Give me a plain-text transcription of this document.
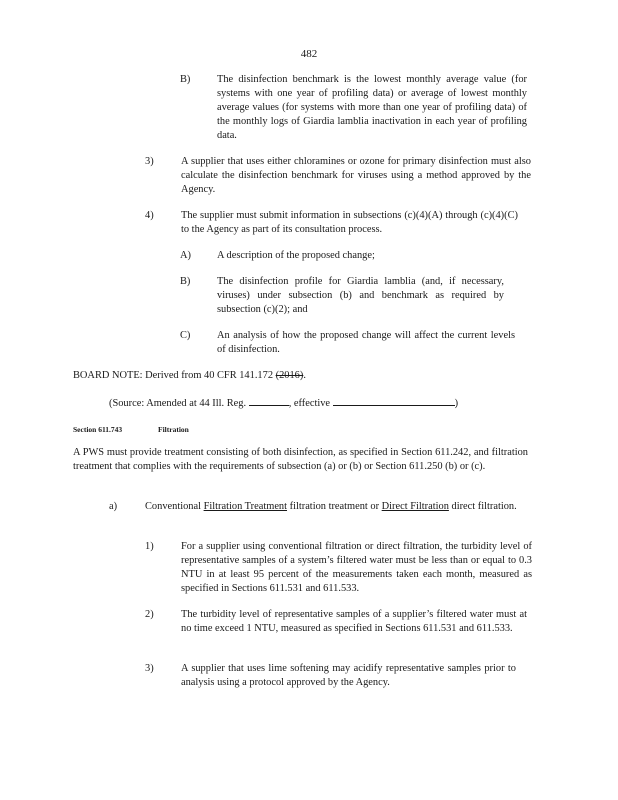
482
B)	The disinfection benchmark is the lowest monthly average value (for systems with one year of profiling data) or average of lowest monthly average values (for systems with more than one year of profiling data) of the monthly logs of Giardia lamblia inactivation in each year of profiling data.
3)	A supplier that uses either chloramines or ozone for primary disinfection must also calculate the disinfection benchmark for viruses using a method approved by the Agency.
4)	The supplier must submit information in subsections (c)(4)(A) through (c)(4)(C) to the Agency as part of its consultation process.
A)	A description of the proposed change;
B)	The disinfection profile for Giardia lamblia (and, if necessary, viruses) under subsection (b) and benchmark as required by subsection (c)(2); and
C)	An analysis of how the proposed change will affect the current levels of disinfection.
BOARD NOTE: Derived from 40 CFR 141.172 (2016).
(Source: Amended at 44 Ill. Reg.	, effective	)
Section 611.743	Filtration
A PWS must provide treatment consisting of both disinfection, as specified in Section 611.242, and filtration treatment that complies with the requirements of subsection (a) or (b) or Section 611.250 (b) or (c).
a)	Conventional Filtration Treatment filtration treatment or Direct Filtration direct filtration.
1)	For a supplier using conventional filtration or direct filtration, the turbidity level of representative samples of a system’s filtered water must be less than or equal to 0.3 NTU in at least 95 percent of the measurements taken each month, measured as specified in Sections 611.531 and 611.533.
2)	The turbidity level of representative samples of a supplier’s filtered water must at no time exceed 1 NTU, measured as specified in Sections 611.531 and 611.533.
3)	A supplier that uses lime softening may acidify representative samples prior to analysis using a protocol approved by the Agency.
